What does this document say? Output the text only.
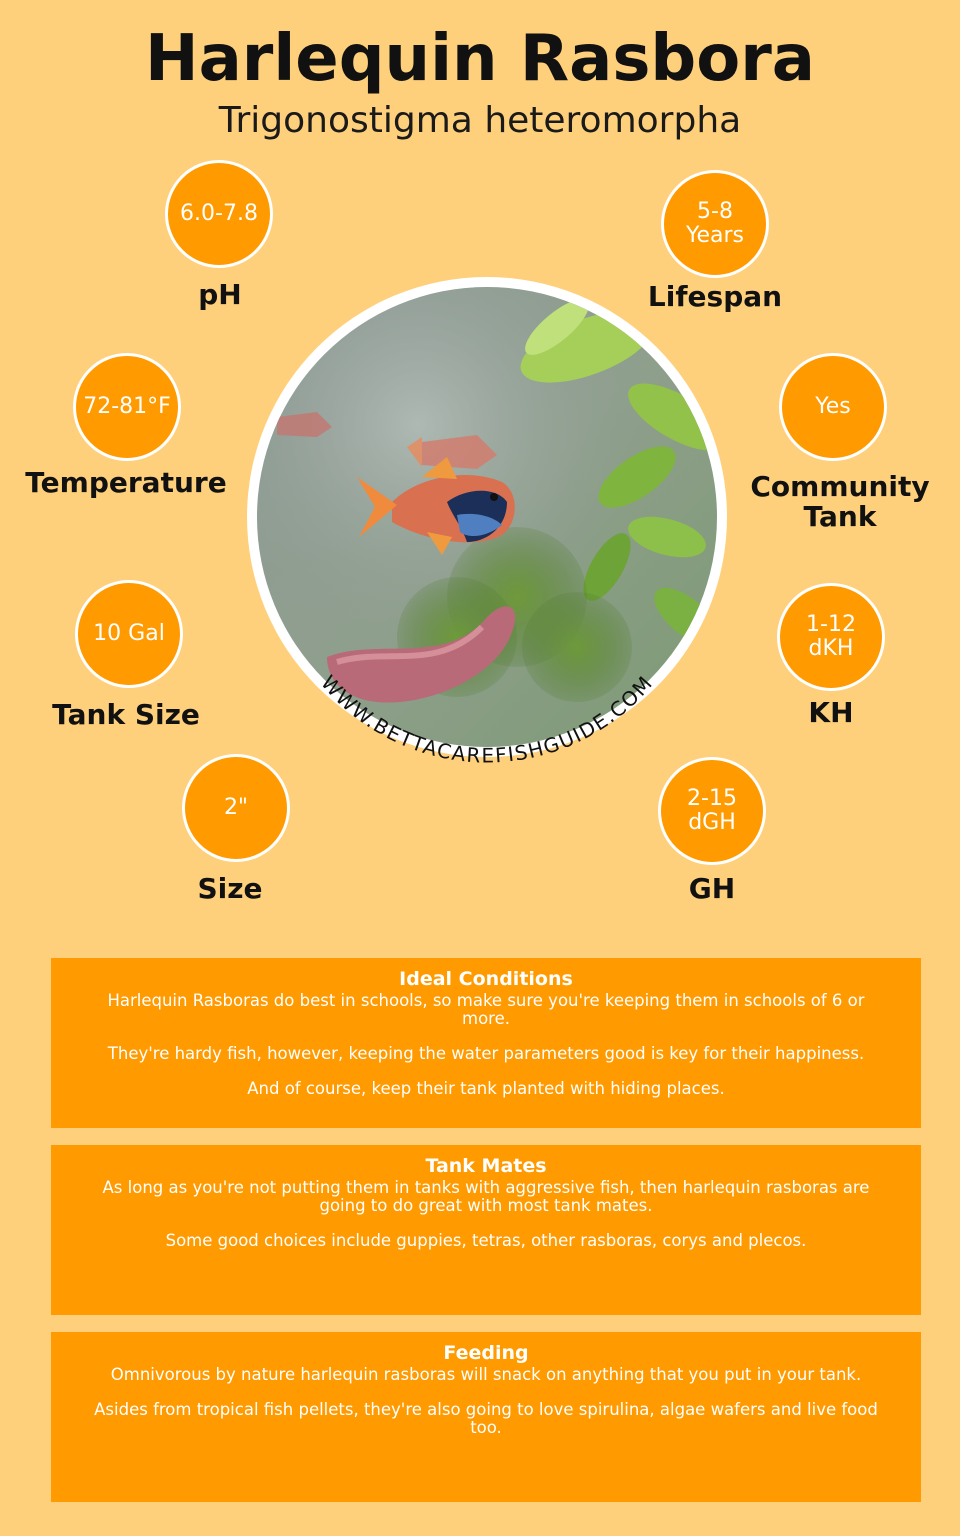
Harlequin Rasbora
Trigonostigma heteromorpha
6.0-7.8
pH
5-8
Years
Lifespan
72-81°F
Temperature
Yes
Community
Tank
10 Gal
Tank Size
1-12
dKH
KH
2"
Size
2-15
dGH
GH
WWW.BETTACAREFISHGUIDE.COM
Ideal Conditions

Harlequin Rasboras do best in schools, so make sure you're keeping them in schools of 6 or more.

They're hardy fish, however, keeping the water parameters good is key for their happiness.

And of course, keep their tank planted with hiding places.

Tank Mates

As long as you're not putting them in tanks with aggressive fish, then harlequin rasboras are going to do great with most tank mates.

Some good choices include guppies, tetras, other rasboras, corys and plecos.

Feeding

Omnivorous by nature harlequin rasboras will snack on anything that you put in your tank.

Asides from tropical fish pellets, they're also going to love spirulina, algae wafers and live food too.
